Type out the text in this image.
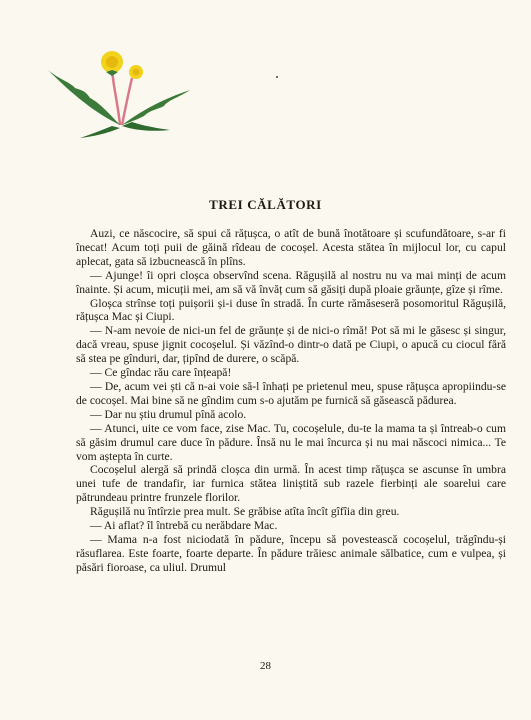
TREI CĂLĂTORI

Auzi, ce născocire, să spui că rățușca, o atît de bună înotătoare și scufundătoare, s-ar fi înecat! Acum toți puii de găină rîdeau de cocoșel. Acesta stătea în mijlocul lor, cu capul aplecat, gata să izbucnească în plîns.

— Ajunge! îi opri cloșca observînd scena. Răgușilă al nostru nu va mai minți de acum înainte. Și acum, micuții mei, am să vă învăț cum să găsiți după ploaie grăunțe, gîze și rîme.

Gloșca strînse toți puișorii și-i duse în stradă. În curte rămăseseră posomoritul Răgușilă, rățușca Mac și Ciupi.

— N-am nevoie de nici-un fel de grăunțe și de nici-o rîmă! Pot să mi le găsesc și singur, dacă vreau, spuse jignit cocoșelul. Și văzînd-o dintr-o dată pe Ciupi, o apucă cu ciocul fără să stea pe gînduri, dar, țipînd de durere, o scăpă.

— Ce gîndac rău care înțeapă!

— De, acum vei ști că n-ai voie să-l înhați pe prietenul meu, spuse rățușca apropiindu-se de cocoșel. Mai bine să ne gîndim cum s-o ajutăm pe furnică să găsească pădurea.

— Dar nu știu drumul pînă acolo.

— Atunci, uite ce vom face, zise Mac. Tu, cocoșelule, du-te la mama ta și întreab-o cum să găsim drumul care duce în pădure. Însă nu le mai încurca și nu mai născoci nimica... Te vom aștepta în curte.

Cocoșelul alergă să prindă cloșca din urmă. În acest timp rățușca se ascunse în umbra unei tufe de trandafir, iar furnica stătea liniștită sub razele fierbinți ale soarelui care pătrundeau printre frunzele florilor.

Răgușilă nu întîrzie prea mult. Se grăbise atîta încît gîfîia din greu.

— Ai aflat? îl întrebă cu nerăbdare Mac.

— Mama n-a fost niciodată în pădure, începu să povestească cocoșelul, trăgîndu-și răsuflarea. Este foarte, foarte departe. În pădure trăiesc animale sălbatice, cum e vulpea, și păsări fioroase, ca uliul. Drumul

28
